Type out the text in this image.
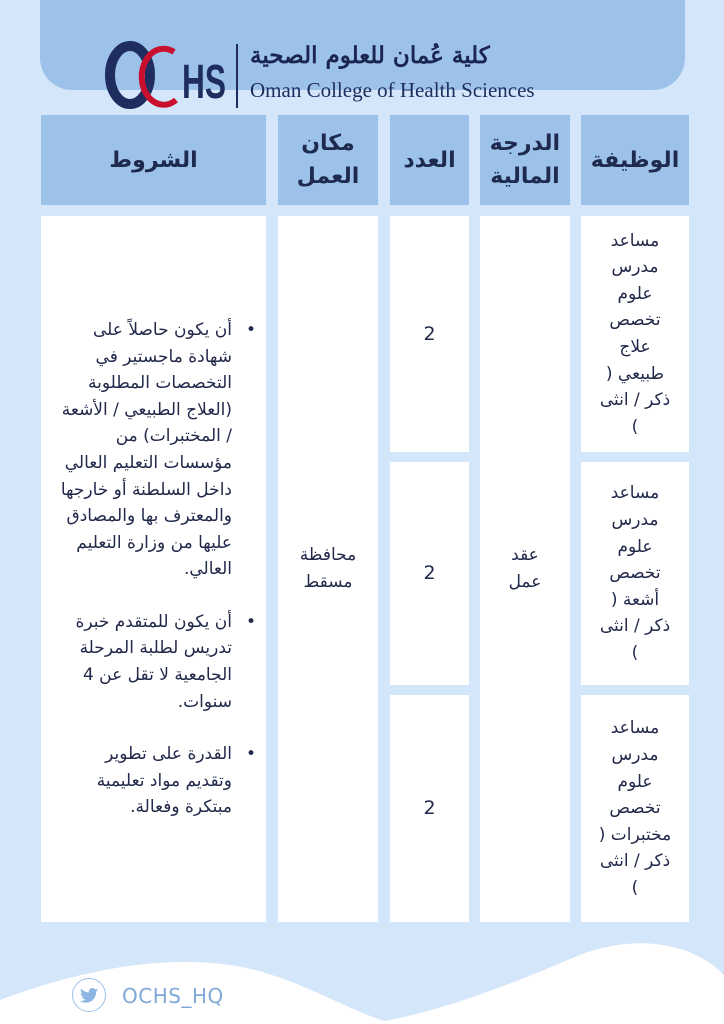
HS
كلية عُمان للعلوم الصحية
Oman College of Health Sciences
الوظيفة
الدرجة المالية
العدد
مكان العمل
الشروط
مساعد مدرس علوم تخصص علاج طبيعي ( ذكر / انثى )
مساعد مدرس علوم تخصص أشعة ( ذكر / انثى )
مساعد مدرس علوم تخصص مختبرات ( ذكر / انثى )
عقد عمل
2
2
2
محافظة مسقط
• أن يكون حاصلاً على شهادة ماجستير في التخصصات المطلوبة (العلاج الطبيعي / الأشعة / المختبرات) من مؤسسات التعليم العالي داخل السلطنة أو خارجها والمعترف بها والمصادق عليها من وزارة التعليم العالي.
• أن يكون للمتقدم خبرة تدريس لطلبة المرحلة الجامعية لا تقل عن 4 سنوات.
• القدرة على تطوير وتقديم مواد تعليمية مبتكرة وفعالة.
OCHS_HQ
